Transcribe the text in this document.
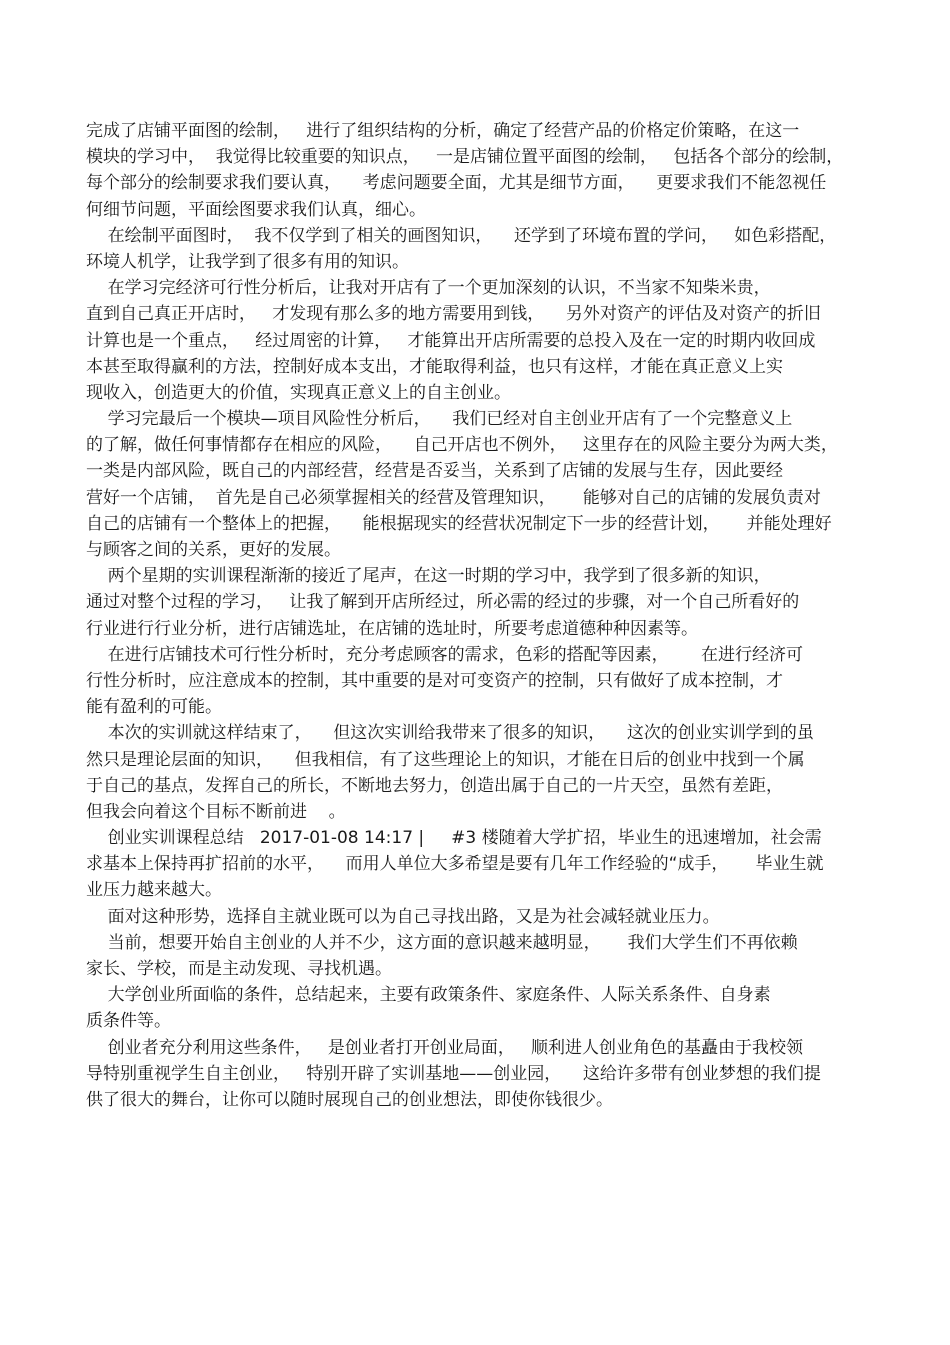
完成了店铺平面图的绘制，   进行了组织结构的分析，确定了经营产品的价格定价策略，在这一
模块的学习中，  我觉得比较重要的知识点，   一是店铺位置平面图的绘制，   包括各个部分的绘制，
每个部分的绘制要求我们要认真，    考虑问题要全面，尤其是细节方面，    更要求我们不能忽视任
何细节问题，平面绘图要求我们认真，细心。
在绘制平面图时，  我不仅学到了相关的画图知识，    还学到了环境布置的学问，   如色彩搭配，
环境人机学，让我学到了很多有用的知识。
在学习完经济可行性分析后，让我对开店有了一个更加深刻的认识，不当家不知柴米贵，
直到自己真正开店时，   才发现有那么多的地方需要用到钱，    另外对资产的评估及对资产的折旧
计算也是一个重点，   经过周密的计算，   才能算出开店所需要的总投入及在一定的时期内收回成
本甚至取得赢利的方法，控制好成本支出，才能取得利益，也只有这样，才能在真正意义上实
现收入，创造更大的价值，实现真正意义上的自主创业。
学习完最后一个模块—项目风险性分析后，    我们已经对自主创业开店有了一个完整意义上
的了解，做任何事情都存在相应的风险，    自己开店也不例外，   这里存在的风险主要分为两大类，
一类是内部风险，既自己的内部经营，经营是否妥当，关系到了店铺的发展与生存，因此要经
营好一个店铺，  首先是自己必须掌握相关的经营及管理知识，     能够对自己的店铺的发展负责对
自己的店铺有一个整体上的把握，    能根据现实的经营状况制定下一步的经营计划，     并能处理好
与顾客之间的关系，更好的发展。
两个星期的实训课程渐渐的接近了尾声，在这一时期的学习中，我学到了很多新的知识，
通过对整个过程的学习，   让我了解到开店所经过，所必需的经过的步骤，对一个自己所看好的
行业进行行业分析，进行店铺选址，在店铺的选址时，所要考虑道德种种因素等。
在进行店铺技术可行性分析时，充分考虑顾客的需求，色彩的搭配等因素，      在进行经济可
行性分析时，应注意成本的控制，其中重要的是对可变资产的控制，只有做好了成本控制，才
能有盈利的可能。
本次的实训就这样结束了，    但这次实训给我带来了很多的知识，    这次的创业实训学到的虽
然只是理论层面的知识，    但我相信，有了这些理论上的知识，才能在日后的创业中找到一个属
于自己的基点，发挥自己的所长，不断地去努力，创造出属于自己的一片天空，虽然有差距，
但我会向着这个目标不断前进    。
创业实训课程总结   2017-01-08 14:17 |     #3 楼随着大学扩招，毕业生的迅速增加，社会需
求基本上保持再扩招前的水平，    而用人单位大多希望是要有几年工作经验的“成手，     毕业生就
业压力越来越大。
面对这种形势，选择自主就业既可以为自己寻找出路，又是为社会减轻就业压力。
当前，想要开始自主创业的人并不少，这方面的意识越来越明显，     我们大学生们不再依赖
家长、学校，而是主动发现、寻找机遇。
大学创业所面临的条件，总结起来，主要有政策条件、家庭条件、人际关系条件、自身素
质条件等。
创业者充分利用这些条件，   是创业者打开创业局面，   顺利进人创业角色的基矗由于我校领
导特别重视学生自主创业，   特别开辟了实训基地——创业园，    这给许多带有创业梦想的我们提
供了很大的舞台，让你可以随时展现自己的创业想法，即使你钱很少。
